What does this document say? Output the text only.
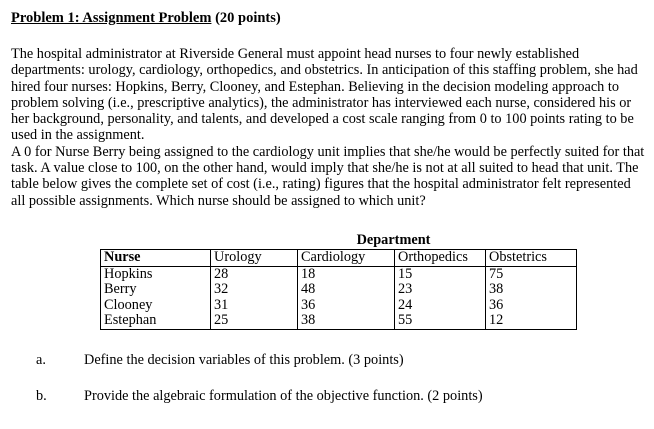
Problem 1: Assignment Problem (20 points)

The hospital administrator at Riverside General must appoint head nurses to four newly established departments: urology, cardiology, orthopedics, and obstetrics. In anticipation of this staffing problem, she had hired four nurses: Hopkins, Berry, Clooney, and Estephan. Believing in the decision modeling approach to problem solving (i.e., prescriptive analytics), the administrator has interviewed each nurse, considered his or her background, personality, and talents, and developed a cost scale ranging from 0 to 100 points rating to be used in the assignment.

A 0 for Nurse Berry being assigned to the cardiology unit implies that she/he would be perfectly suited for that task. A value close to 100, on the other hand, would imply that she/he is not at all suited to head that unit. The table below gives the complete set of cost (i.e., rating) figures that the hospital administrator felt represented all possible assignments. Which nurse should be assigned to which unit?

	Department			
Nurse	Urology	Cardiology	Orthopedics	Obstetrics
Hopkins	28	18	15	75
Berry	32	48	23	38
Clooney	31	36	24	36
Estephan	25	38	55	12
a.	Define the decision variables of this problem. (3 points)
b.	Provide the algebraic formulation of the objective function. (2 points)
